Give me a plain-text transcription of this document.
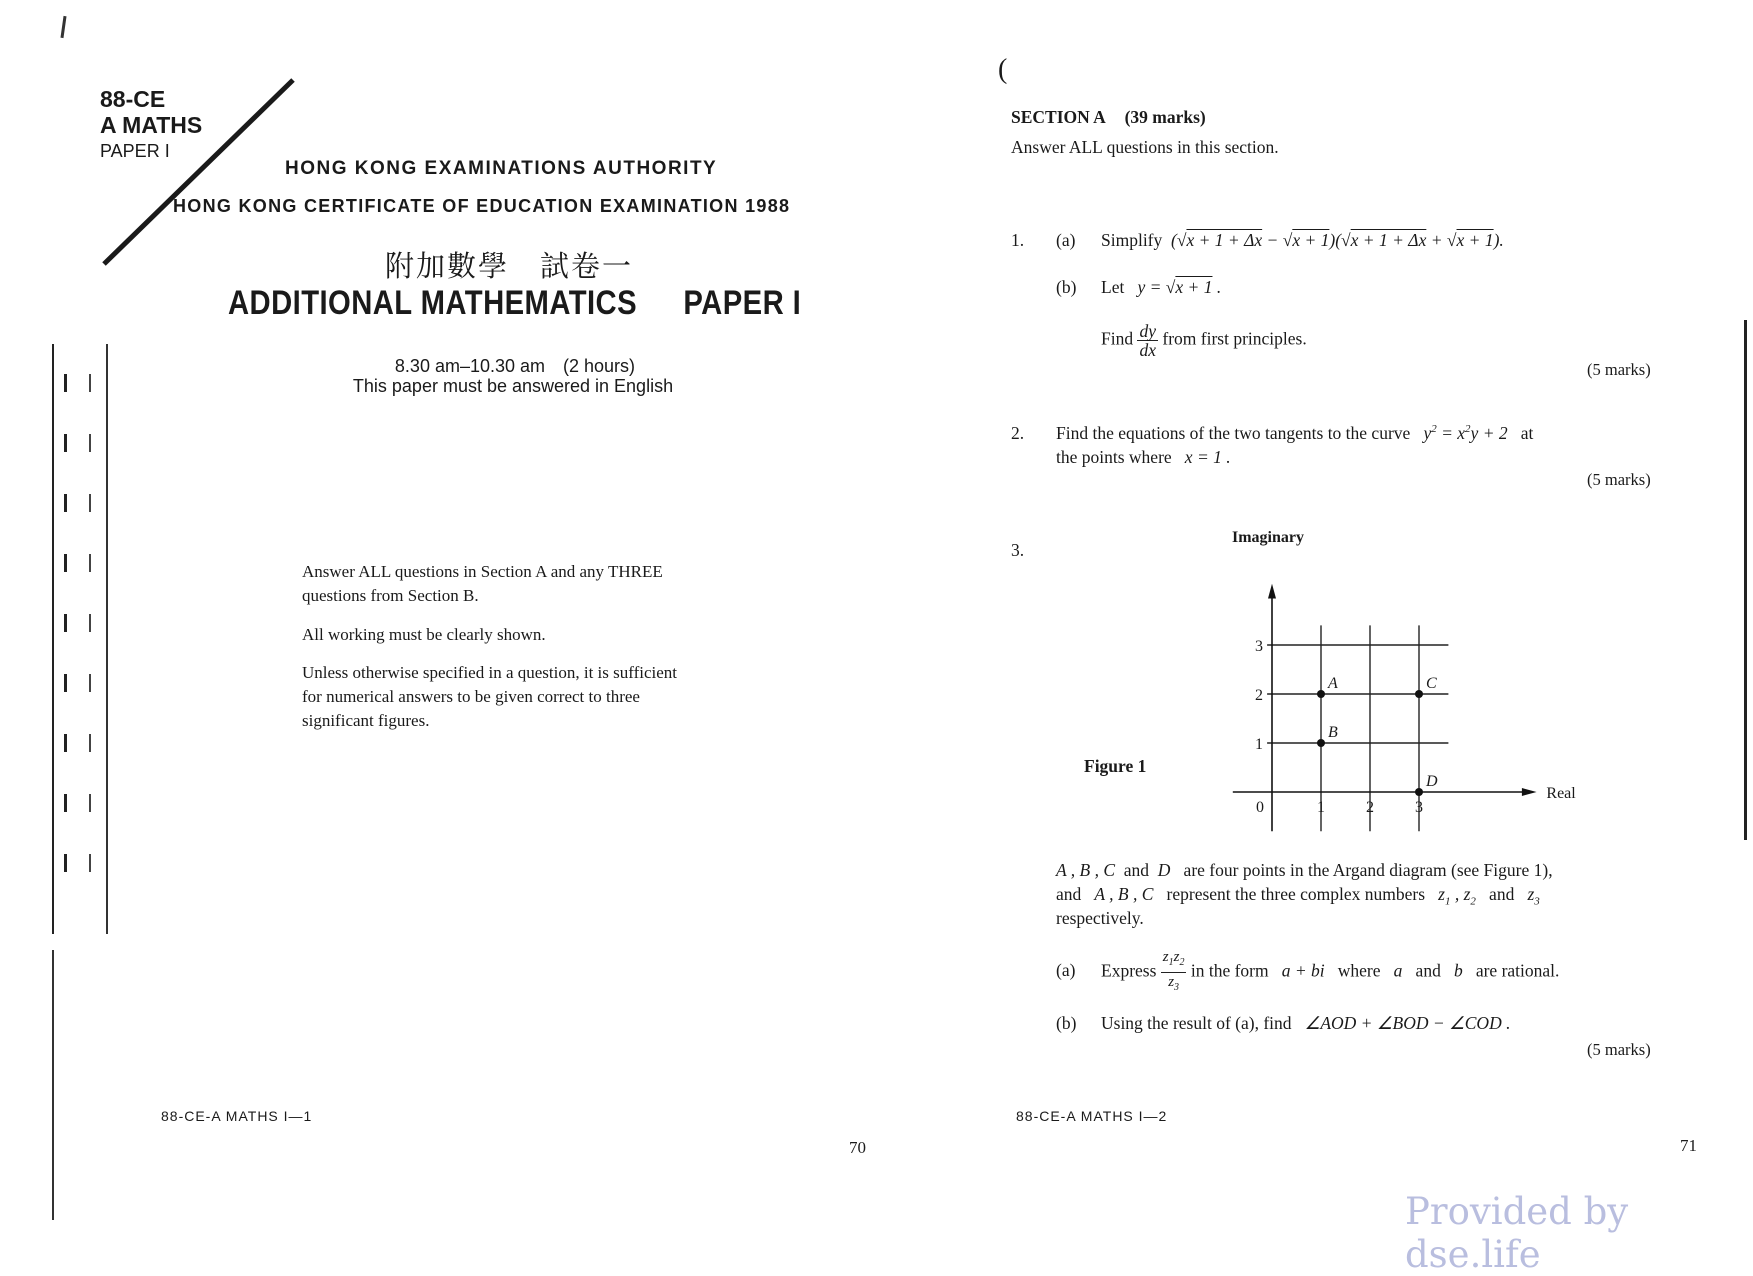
88-CE
A MATHS
PAPER I
HONG KONG EXAMINATIONS AUTHORITY
HONG KONG CERTIFICATE OF EDUCATION EXAMINATION 1988
附加數學　試卷一
ADDITIONAL MATHEMATICS PAPER I
8.30 am–10.30 am　(2 hours)
This paper must be answered in English
Answer ALL questions in Section A and any THREE questions from Section B.
All working must be clearly shown.
Unless otherwise specified in a question, it is sufficient for numerical answers to be given correct to three significant figures.
88-CE-A MATHS I—1
70
(
SECTION A (39 marks)
Answer ALL questions in this section.
1. (a) Simplify  (√x + 1 + Δx − √x + 1)(√x + 1 + Δx + √x + 1).
(b) Let   y = √x + 1 .
Find $\frac{dy}{dx}$ from first principles.
(5 marks)
2. Find the equations of the two tangents to the curve   $y^2 = x^2y + 2$   at
the points where   x = 1 .
(5 marks)
3.
Figure 1
1	2	3
1
2
3
A
B
C
D
Real
Imaginary
0
A , B , C  and  D   are four points in the Argand diagram (see Figure 1),
and   A , B , C   represent the three complex numbers   $z_1$ , $z_2$ and   $z_3$
respectively.
(a) Express $\frac{z_1z_2}{z_3}$ in the form   a + bi   where   a   and   b   are rational.
(b) Using the result of (a), find   ∠AOD + ∠BOD − ∠COD .
(5 marks)
88-CE-A MATHS I—2
71
Provided by dse.life
